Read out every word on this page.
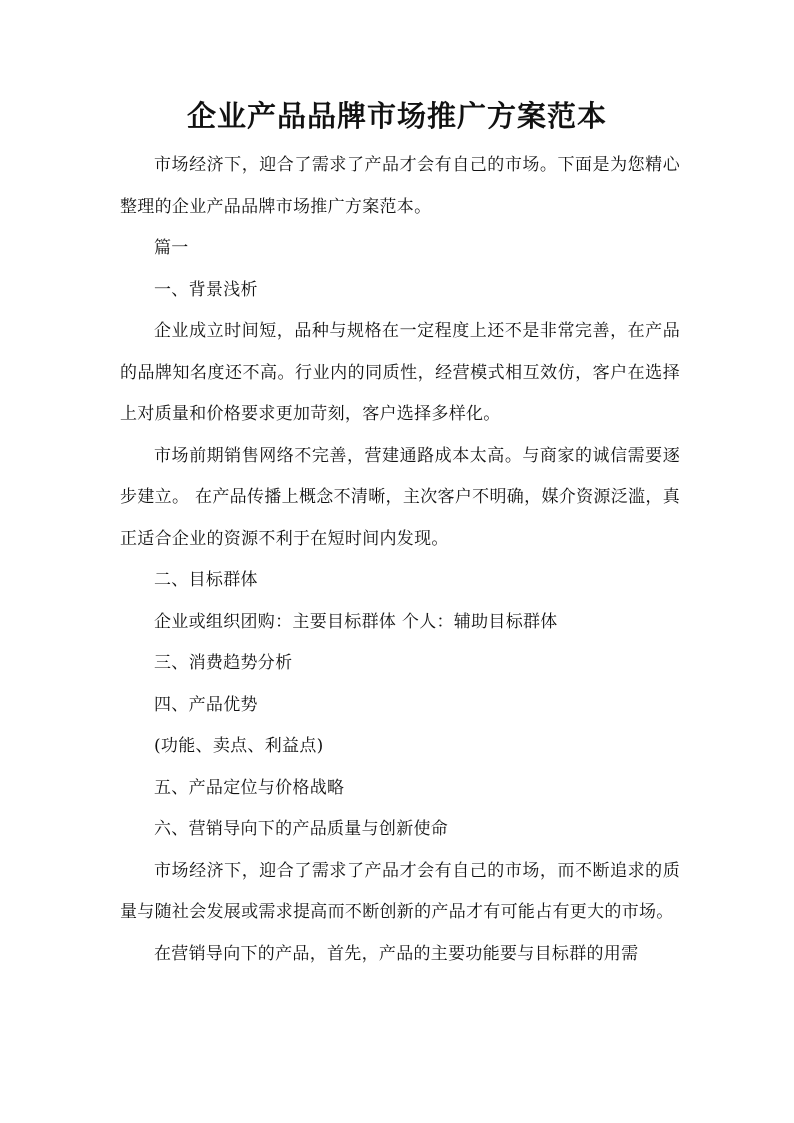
企业产品品牌市场推广方案范本

市场经济下，迎合了需求了产品才会有自己的市场。下面是为您精心整理的企业产品品牌市场推广方案范本。

篇一

一、背景浅析

企业成立时间短，品种与规格在一定程度上还不是非常完善，在产品的品牌知名度还不高。行业内的同质性，经营模式相互效仿，客户在选择上对质量和价格要求更加苛刻，客户选择多样化。

市场前期销售网络不完善，营建通路成本太高。与商家的诚信需要逐步建立。 在产品传播上概念不清晰，主次客户不明确，媒介资源泛滥，真正适合企业的资源不利于在短时间内发现。

二、目标群体

企业或组织团购：主要目标群体 个人：辅助目标群体

三、消费趋势分析

四、产品优势

(功能、卖点、利益点)

五、产品定位与价格战略

六、营销导向下的产品质量与创新使命

市场经济下，迎合了需求了产品才会有自己的市场，而不断追求的质量与随社会发展或需求提高而不断创新的产品才有可能占有更大的市场。

在营销导向下的产品，首先，产品的主要功能要与目标群的用需
